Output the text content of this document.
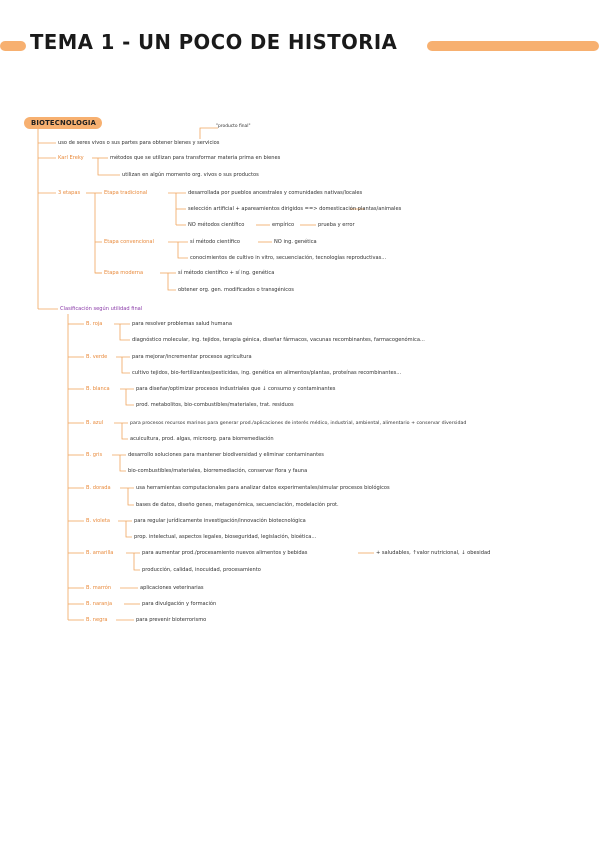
TEMA 1 - UN POCO DE HISTORIA
BIOTECNOLOGIA	"producto final"
uso de seres vivos o sus partes para obtener bienes y servicios
Karl Ereky	métodos que se utilizan para transformar materia prima en bienes
utilizan en algún momento org. vivos o sus productos
3 etapas	Etapa tradicional	desarrollada por pueblos ancestrales y comunidades nativas/locales
selección artificial + apareamientos dirigidos ==> domesticación plantas/animales
NO métodos científico	empírico	prueba y error
Etapa convencional	sí método científico	NO ing. genética
conocimientos de cultivo in vitro, secuenciación, tecnologías reproductivas...
Etapa moderna	sí método científico + sí ing. genética
obtener org. gen. modificados o transgénicos
Clasificación según utilidad final
B. roja	para resolver problemas salud humana
diagnóstico molecular, ing. tejidos, terapia génica, diseñar fármacos, vacunas recombinantes, farmacogenómica...
B. verde	para mejorar/incrementar procesos agricultura
cultivo tejidos, bio-fertilizantes/pesticidas, ing. genética en alimentos/plantas, proteínas recombinantes...
B. blanca	para diseñar/optimizar procesos industriales que ↓ consumo y contaminantes
prod. metabolitos, bio-combustibles/materiales, trat. residuos
B. azul	para procesos recursos marinos para generar prod./aplicaciones de interés médico, industrial, ambiental, alimentario + conservar diversidad
acuicultura, prod. algas, microorg. para biorremediación
B. gris	desarrollo soluciones para mantener biodiversidad y eliminar contaminantes
bio-combustibles/materiales, biorremediación, conservar flora y fauna
B. dorada	usa herramientas computacionales para analizar datos experimentales/simular procesos biológicos
bases de datos, diseño genes, metagenómica, secuenciación, modelación prot.
B. violeta	para regular jurídicamente investigación/innovación biotecnológica
prop. intelectual, aspectos legales, bioseguridad, legislación, bioética...
B. amarilla	para aumentar prod./procesamiento nuevos alimentos y bebidas	+ saludables, ↑valor nutricional, ↓ obesidad
producción, calidad, inocuidad, procesamiento
B. marrón	aplicaciones veterinarias
B. naranja	para divulgación y formación
B. negra	para prevenir bioterrorismo
